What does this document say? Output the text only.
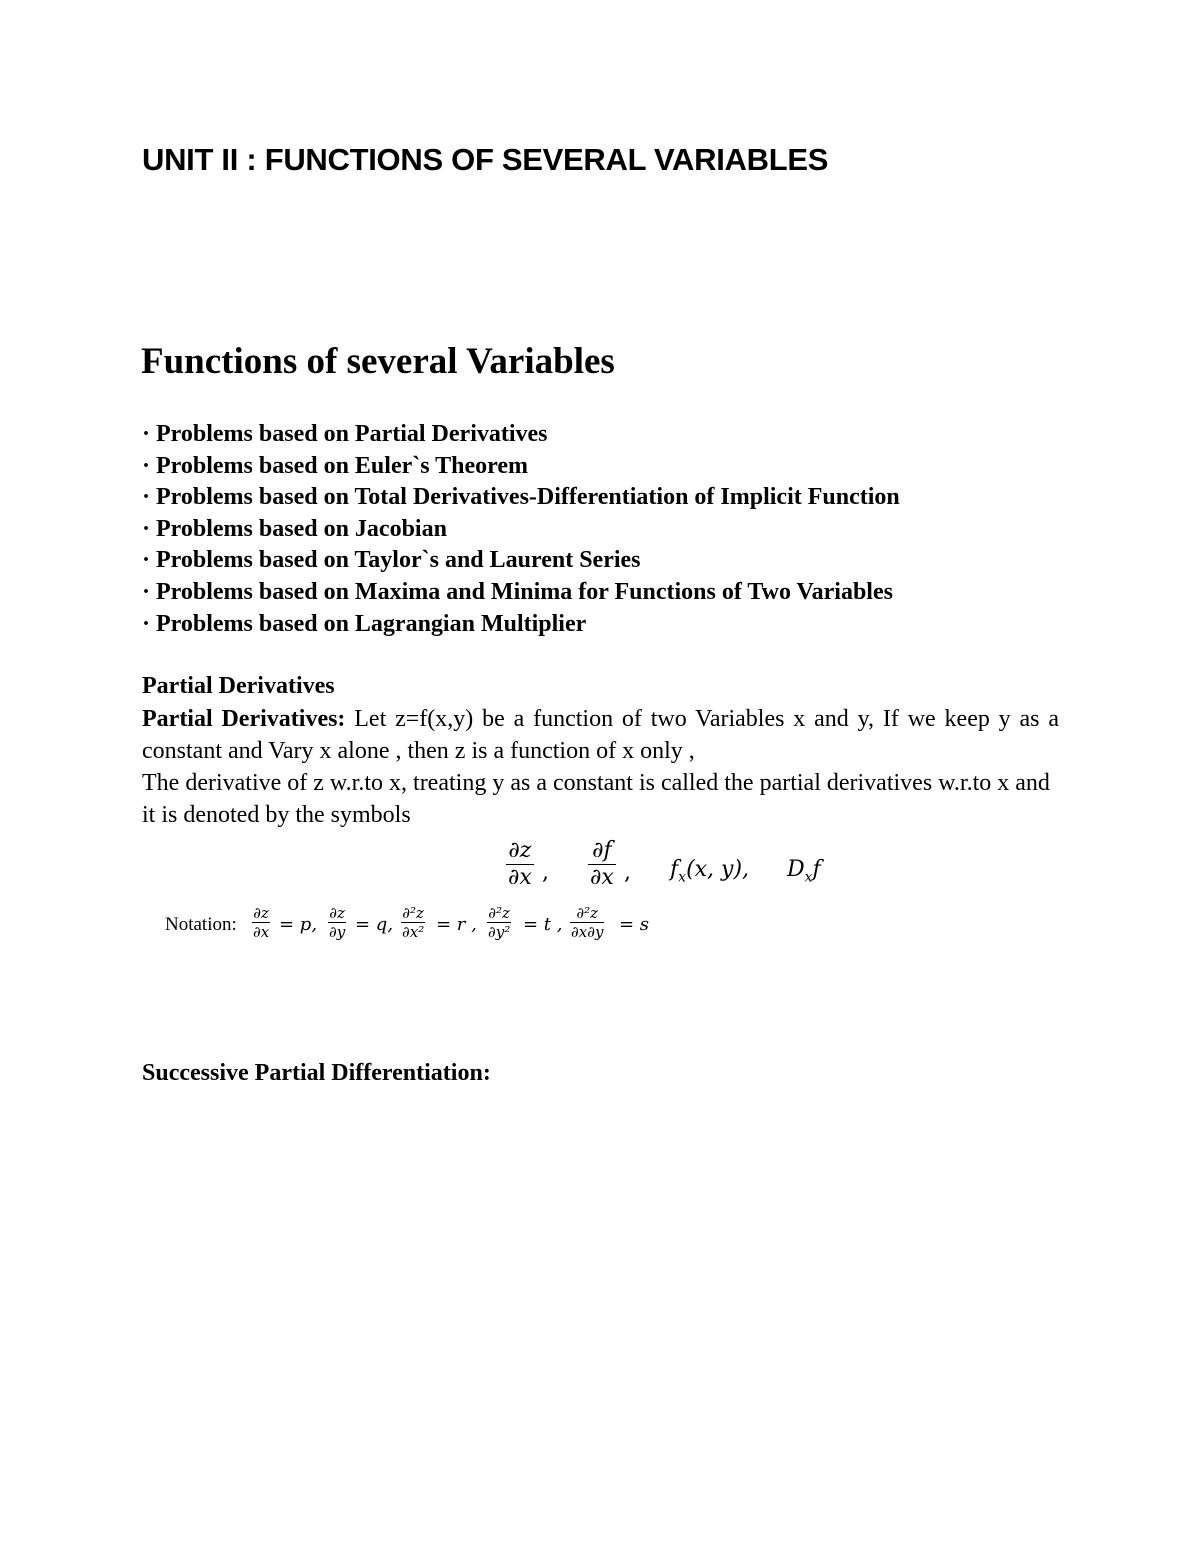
UNIT II : FUNCTIONS OF SEVERAL VARIABLES
Functions of several Variables
· Problems based on Partial Derivatives
· Problems based on Euler`s Theorem
· Problems based on Total Derivatives-Differentiation of Implicit Function
· Problems based on Jacobian
· Problems based on Taylor`s and Laurent Series
· Problems based on Maxima and Minima for Functions of Two Variables
· Problems based on Lagrangian Multiplier
Partial Derivatives

Partial Derivatives: Let z=f(x,y) be a function of two Variables x and y, If we keep y as a constant and Vary x alone , then z is a function of x only ,

The derivative of z w.r.to x, treating y as a constant is called the partial derivatives w.r.to x and it is denoted by the symbols

$\frac{\partial z}{\partial x}$ , $\frac{\partial f}{\partial x}$ , $f_x(x$, y), $D_xf$
Notation:
∂z
∂x = p,
∂z
∂y = q,
∂²z
∂x² = r ,
∂²z
∂y² = t ,
∂²z
∂x∂y = s
Successive Partial Differentiation:
